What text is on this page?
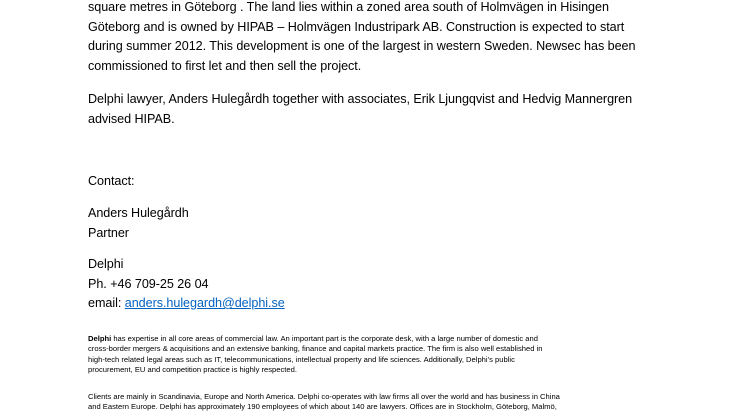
square metres in Göteborg . The land lies within a zoned area south of Holmvägen in Hisingen
Göteborg and is owned by HIPAB – Holmvägen Industripark AB. Construction is expected to start
during summer 2012. This development is one of the largest in western Sweden. Newsec has been
commissioned to first let and then sell the project.
Delphi lawyer, Anders Hulegårdh together with associates, Erik Ljungqvist and Hedvig Mannergren
advised HIPAB.
Contact:
Anders Hulegårdh
Partner
Delphi
Ph. +46 709-25 26 04
email: anders.hulegardh@delphi.se
Delphi has expertise in all core areas of commercial law. An important part is the corporate desk, with a large number of domestic and
cross-border mergers & acquisitions and an extensive banking, finance and capital markets practice. The firm is also well established in
high-tech related legal areas such as IT, telecommunications, intellectual property and life sciences. Additionally, Delphi’s public
procurement, EU and competition practice is highly respected.
Clients are mainly in Scandinavia, Europe and North America. Delphi co-operates with law firms all over the world and has business in China
and Eastern Europe. Delphi has approximately 190 employees of which about 140 are lawyers. Offices are in Stockholm, Göteborg, Malmö,
